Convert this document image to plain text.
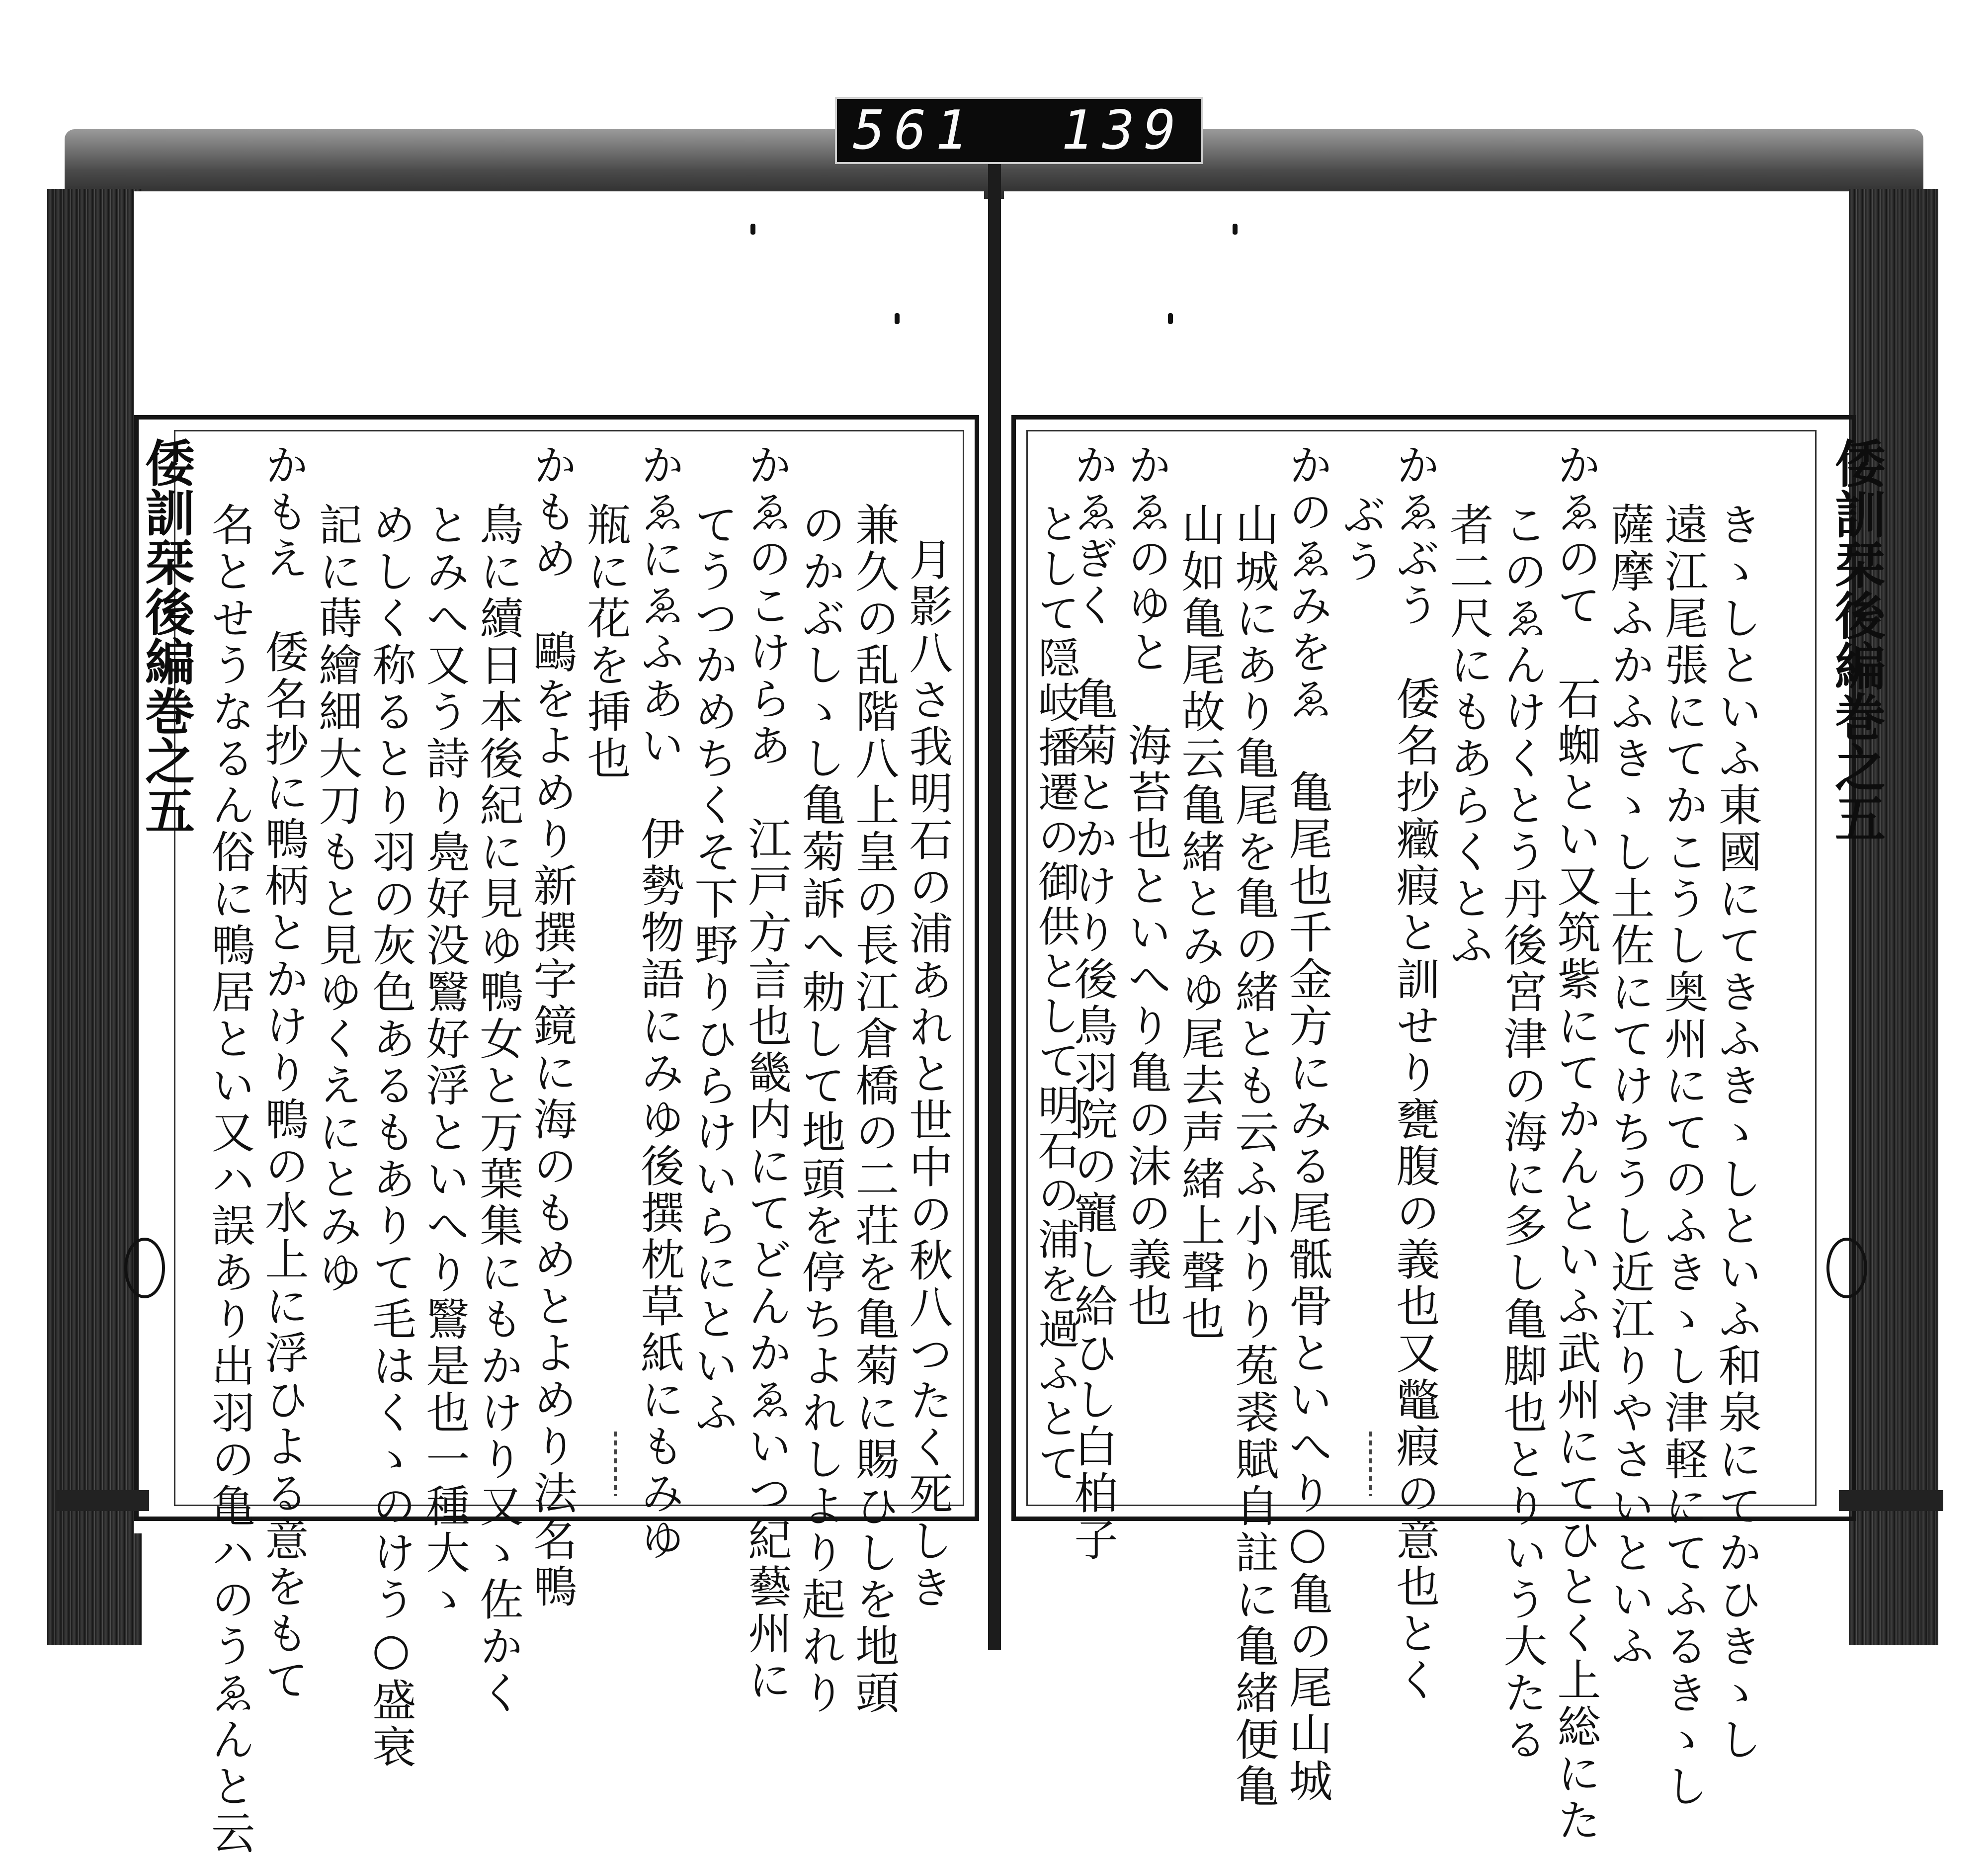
561 139
倭訓栞後編巻之五	倭訓栞後編巻之五
きゝしといふ東國にてきふきゝしといふ和泉にてかひきゝし
遠江尾張にてかこうし奥州にてのふきゝし津軽にてふるきゝし
薩摩ふかふきゝし土佐にてけちうし近江りやさいといふ
かゑのて　石蜘とい又筑紫にてかんといふ武州にてひとく上総にた
このゑんけくとう丹後宮津の海に多し亀脚也とりいう大たる
者二尺にもあらくとふ
かゑぶう　倭名抄癥瘕と訓せり甕腹の義也又鼈瘕の意也とく
ぶう
かのゑみをゑ　亀尾也千金方にみる尾骶骨といへり○亀の尾山城
山城にあり亀尾を亀の緒とも云ふ小りり菟裘賦自註に亀緒便亀
山如亀尾故云亀緒とみゆ尾去声緒上聲也
かゑのゆと　海苔也といへり亀の沫の義也
かゑぎく　亀菊とかけり後鳥羽院の寵し給ひし白柏子
として隠岐播遷の御供として明石の浦を過ふとて
月影八さ我明石の浦あれと世中の秋八つたく死しき
兼久の乱階八上皇の長江倉橋の二荘を亀菊に賜ひしを地頭
のかぶしゝし亀菊訴へ勅して地頭を停ちよれしより起れり
かゑのこけらあ　江戸方言也畿内にてどんかゑいつ紀藝州に
てうつかめちくそ下野りひらけいらにといふ
かゑにゑふあい　伊勢物語にみゆ後撰枕草紙にもみゆ
瓶に花を挿也
かもめ　鷗をよめり新撰字鏡に海のもめとよめり法名鴨
鳥に續日本後紀に見ゆ鴨女と万葉集にもかけり又ゝ佐かく
とみへ又う詩り鳧好没鷖好浮といへり鷖是也一種大ゝ
めしく称るとり羽の灰色あるもありて毛はくゝのけう○盛衰
記に蒔繪細大刀もと見ゆくえにとみゆ
かもえ　倭名抄に鴨柄とかけり鴨の水上に浮ひよる意をもて
名とせうなるん俗に鴨居とい又ハ誤あり出羽の亀ハのうゑんと云
